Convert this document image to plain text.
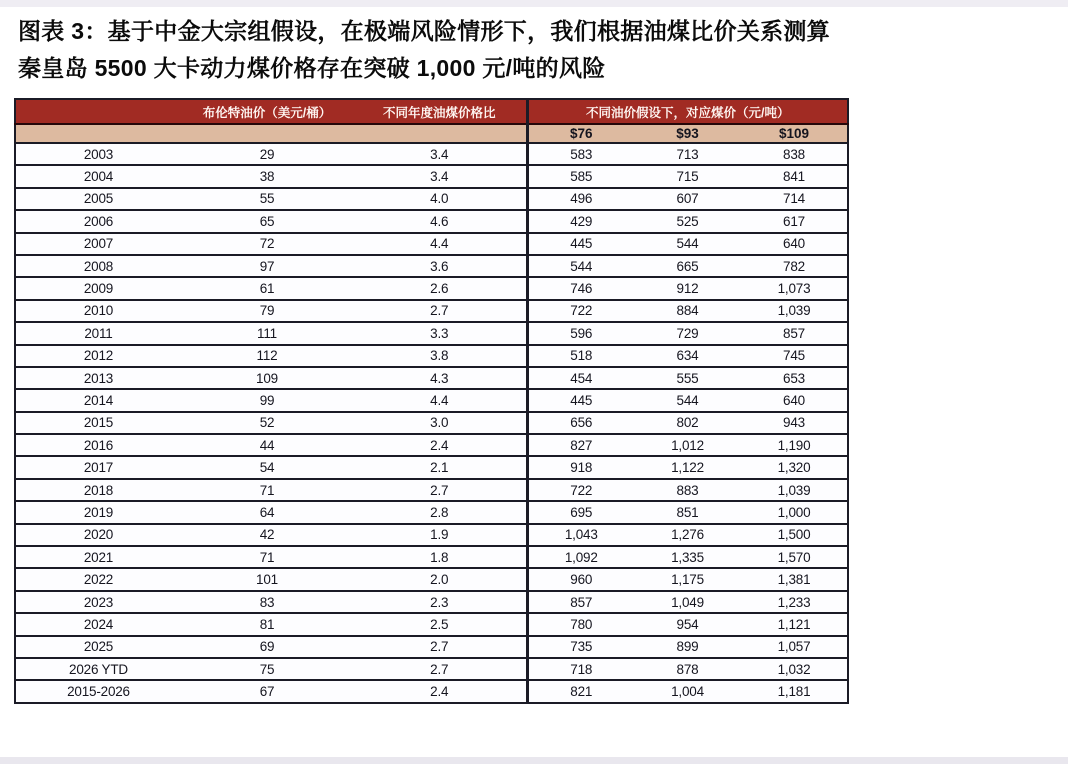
图表 3：基于中金大宗组假设，在极端风险情形下，我们根据油煤比价关系测算
秦皇岛 5500 大卡动力煤价格存在突破 1,000 元/吨的风险
	布伦特油价（美元/桶）	不同年度油煤价格比	不同油价假设下，对应煤价（元/吨）		
			$76	$93	$109
2003	29	3.4	583	713	838
2004	38	3.4	585	715	841
2005	55	4.0	496	607	714
2006	65	4.6	429	525	617
2007	72	4.4	445	544	640
2008	97	3.6	544	665	782
2009	61	2.6	746	912	1,073
2010	79	2.7	722	884	1,039
2011	111	3.3	596	729	857
2012	112	3.8	518	634	745
2013	109	4.3	454	555	653
2014	99	4.4	445	544	640
2015	52	3.0	656	802	943
2016	44	2.4	827	1,012	1,190
2017	54	2.1	918	1,122	1,320
2018	71	2.7	722	883	1,039
2019	64	2.8	695	851	1,000
2020	42	1.9	1,043	1,276	1,500
2021	71	1.8	1,092	1,335	1,570
2022	101	2.0	960	1,175	1,381
2023	83	2.3	857	1,049	1,233
2024	81	2.5	780	954	1,121
2025	69	2.7	735	899	1,057
2026 YTD	75	2.7	718	878	1,032
2015-2026	67	2.4	821	1,004	1,181
